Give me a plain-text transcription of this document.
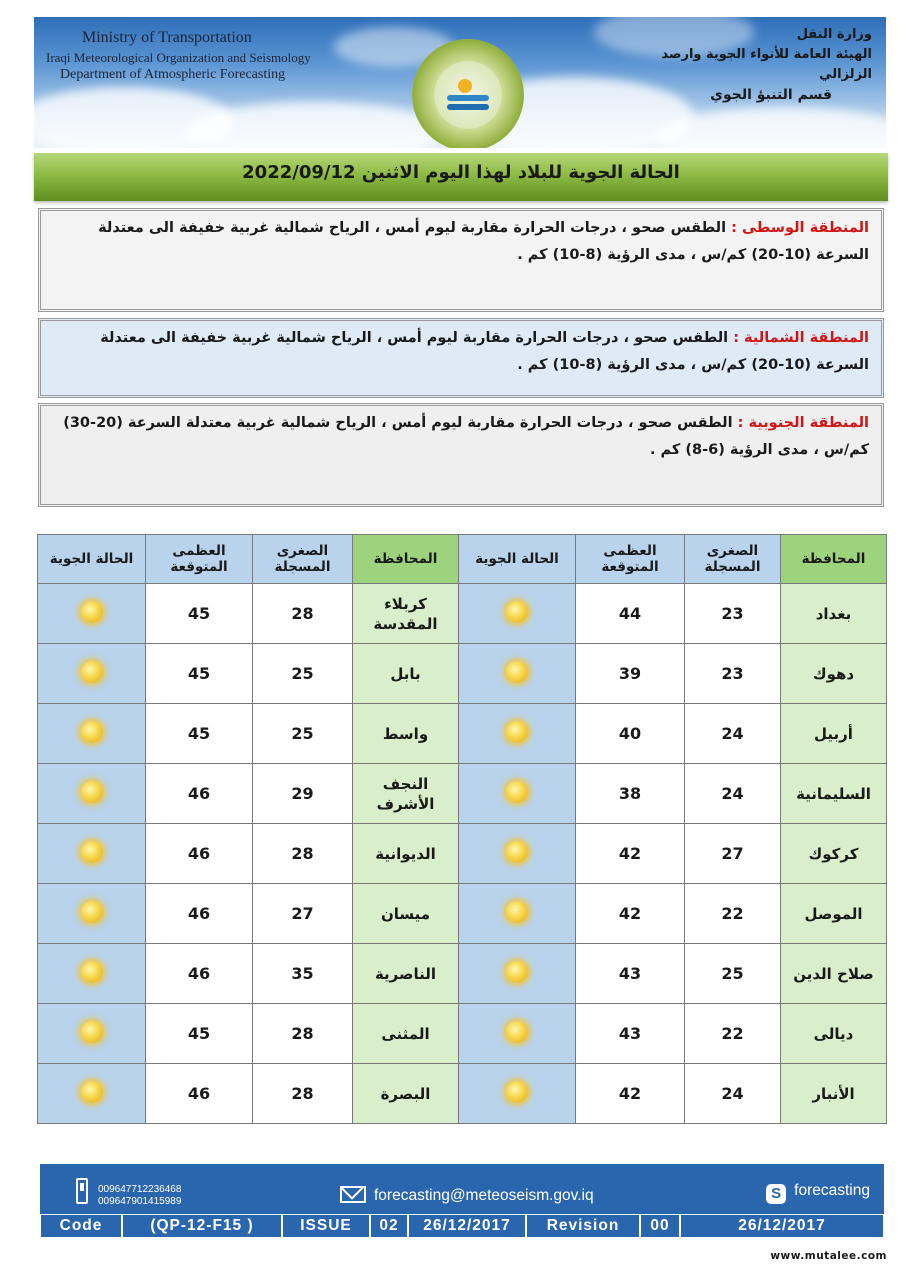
Ministry of Transportation
Iraqi Meteorological Organization and Seismology
Department of Atmospheric Forecasting
وزارة النقل
الهيئة العامة للأنواء الجوية وارصد الزلزالي
قسم التنبؤ الجوي
الحالة الجوية للبلاد لهذا اليوم الاثنين 2022/09/12
المنطقة الوسطى : الطقس صحو ، درجات الحرارة مقاربة ليوم أمس ، الرياح شمالية غربية خفيفة الى معتدلة السرعة (10-20) كم/س ، مدى الرؤية (8-10) كم .
المنطقة الشمالية : الطقس صحو ، درجات الحرارة مقاربة ليوم أمس ، الرياح شمالية غربية خفيفة الى معتدلة السرعة (10-20) كم/س ، مدى الرؤية (8-10) كم .
المنطقة الجنوبية : الطقس صحو ، درجات الحرارة مقاربة ليوم أمس ، الرياح شمالية غربية معتدلة السرعة (20-30) كم/س ، مدى الرؤية (6-8) كم .
الحالة الجوية	العظمى المتوقعة	الصغرى المسجلة	المحافظة	الحالة الجوية	العظمى المتوقعة	الصغرى المسجلة	المحافظة
	45	28	كربلاء المقدسة		44	23	بغداد
	45	25	بابل		39	23	دهوك
	45	25	واسط		40	24	أربيل
	46	29	النجف الأشرف		38	24	السليمانية
	46	28	الديوانية		42	27	كركوك
	46	27	ميسان		42	22	الموصل
	46	35	الناصرية		43	25	صلاح الدين
	45	28	المثنى		43	22	ديالى
	46	28	البصرة		42	24	الأنبار
009647712236468
009647901415989	forecasting@meteoseism.gov.iq	S forecasting
Code	(QP-12-F15 )	ISSUE	02	26/12/2017	Revision	00	26/12/2017
www.mutalee.com
